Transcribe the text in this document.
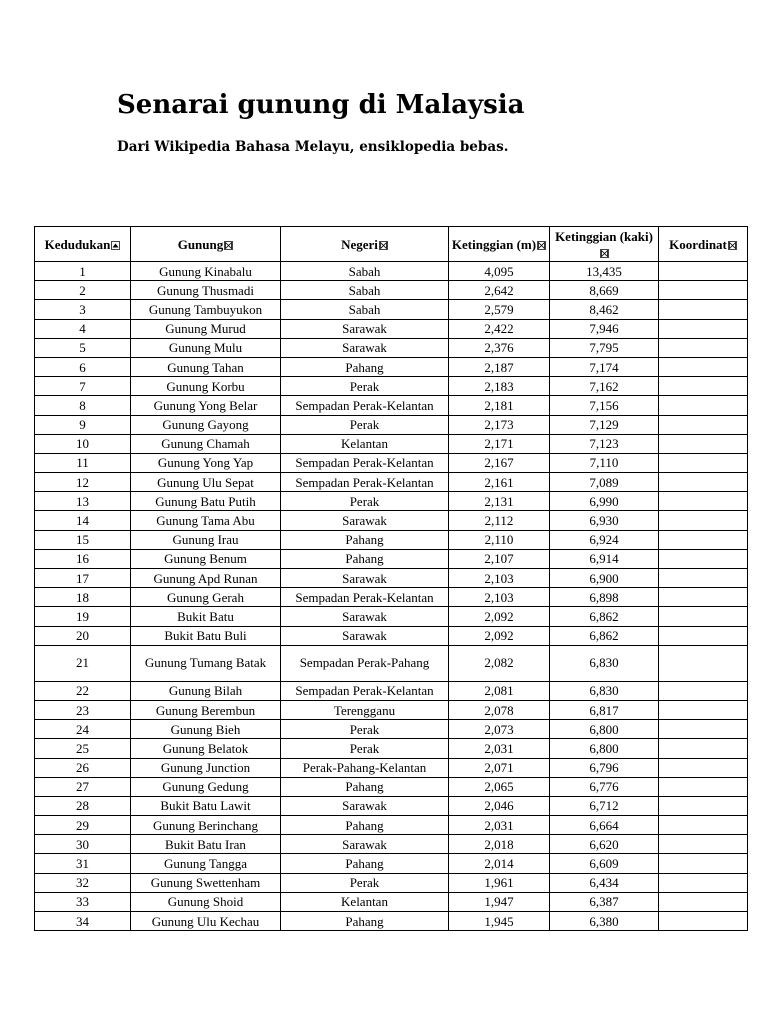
Senarai gunung di Malaysia

Dari Wikipedia Bahasa Melayu, ensiklopedia bebas.

Kedudukan	Gunung	Negeri	Ketinggian (m)	Ketinggian (kaki)	Koordinat

1	Gunung Kinabalu	Sabah	4,095	13,435	
2	Gunung Thusmadi	Sabah	2,642	8,669	
3	Gunung Tambuyukon	Sabah	2,579	8,462	
4	Gunung Murud	Sarawak	2,422	7,946	
5	Gunung Mulu	Sarawak	2,376	7,795	
6	Gunung Tahan	Pahang	2,187	7,174	
7	Gunung Korbu	Perak	2,183	7,162	
8	Gunung Yong Belar	Sempadan Perak-Kelantan	2,181	7,156	
9	Gunung Gayong	Perak	2,173	7,129	
10	Gunung Chamah	Kelantan	2,171	7,123	
11	Gunung Yong Yap	Sempadan Perak-Kelantan	2,167	7,110	
12	Gunung Ulu Sepat	Sempadan Perak-Kelantan	2,161	7,089	
13	Gunung Batu Putih	Perak	2,131	6,990	
14	Gunung Tama Abu	Sarawak	2,112	6,930	
15	Gunung Irau	Pahang	2,110	6,924	
16	Gunung Benum	Pahang	2,107	6,914	
17	Gunung Apd Runan	Sarawak	2,103	6,900	
18	Gunung Gerah	Sempadan Perak-Kelantan	2,103	6,898	
19	Bukit Batu	Sarawak	2,092	6,862	
20	Bukit Batu Buli	Sarawak	2,092	6,862	
21	Gunung Tumang Batak	Sempadan Perak-Pahang	2,082	6,830	
22	Gunung Bilah	Sempadan Perak-Kelantan	2,081	6,830	
23	Gunung Berembun	Terengganu	2,078	6,817	
24	Gunung Bieh	Perak	2,073	6,800	
25	Gunung Belatok	Perak	2,031	6,800	
26	Gunung Junction	Perak-Pahang-Kelantan	2,071	6,796	
27	Gunung Gedung	Pahang	2,065	6,776	
28	Bukit Batu Lawit	Sarawak	2,046	6,712	
29	Gunung Berinchang	Pahang	2,031	6,664	
30	Bukit Batu Iran	Sarawak	2,018	6,620	
31	Gunung Tangga	Pahang	2,014	6,609	
32	Gunung Swettenham	Perak	1,961	6,434	
33	Gunung Shoid	Kelantan	1,947	6,387	
34	Gunung Ulu Kechau	Pahang	1,945	6,380	
